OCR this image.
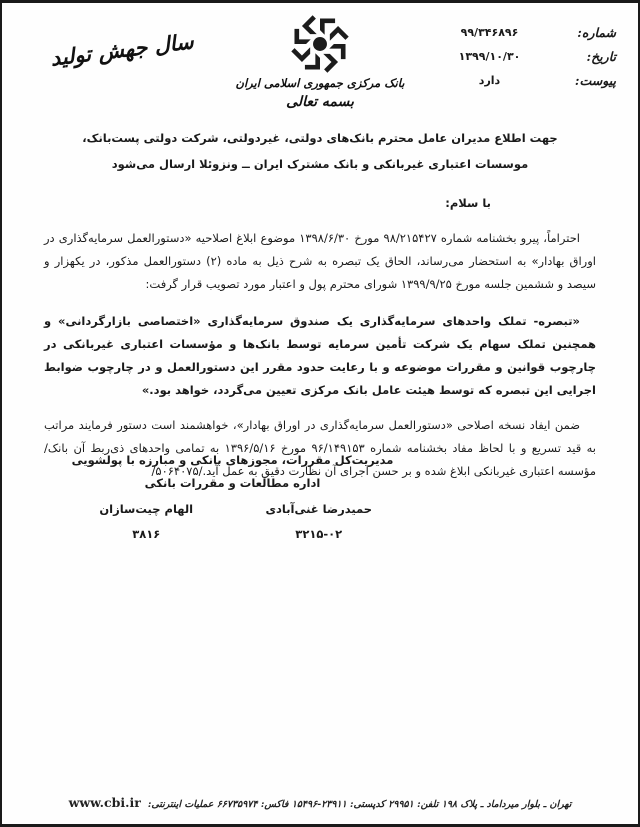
سال جهش تولید
بانک مرکزی جمهوری اسلامی ایران
بسمه تعالی
شماره:
۹۹/۳۴۶۸۹۶
تاریخ:
۱۳۹۹/۱۰/۳۰
پیوست:
دارد
جهت اطلاع مدیران عامل محترم بانک‌های دولتی، غیردولتی، شرکت دولتی پست‌بانک، موسسات اعتباری غیربانکی و بانک مشترک ایران ــ ونزوئلا ارسال می‌شود
با سلام:
احتراماً، پیرو بخشنامه شماره ۹۸/۲۱۵۴۲۷ مورخ ۱۳۹۸/۶/۳۰ موضوع ابلاغ اصلاحیه «دستورالعمل سرمایه‌گذاری در اوراق بهادار» به استحضار می‌رساند، الحاق یک تبصره به شرح ذیل به ماده (۲) دستورالعمل مذکور، در یکهزار و سیصد و ششمین جلسه مورخ ۱۳۹۹/۹/۲۵ شورای محترم پول و اعتبار مورد تصویب قرار گرفت:
«تبصره- تملک واحدهای سرمایه‌گذاری یک صندوق سرمایه‌گذاری «اختصاصی بازارگردانی» و همچنین تملک سهام یک شرکت تأمین سرمایه توسط بانک‌ها و مؤسسات اعتباری غیربانکی در چارچوب قوانین و مقررات موضوعه و با رعایت حدود مقرر این دستورالعمل و در چارچوب ضوابط اجرایی این تبصره که توسط هیئت عامل بانک مرکزی تعیین می‌گردد، خواهد بود.»
ضمن ایفاد نسخه اصلاحی «دستورالعمل سرمایه‌گذاری در اوراق بهادار»، خواهشمند است دستور فرمایند مراتب به قید تسریع و با لحاظ مفاد بخشنامه شماره ۹۶/۱۴۹۱۵۳ مورخ ۱۳۹۶/۵/۱۶ به تمامی واحدهای ذی‌ربط آن بانک/مؤسسه اعتباری غیربانکی ابلاغ شده و بر حسن اجرای آن نظارت دقیق به عمل آید./۵۰۶۴۰۷۵/
مدیریت‌کل مقررات، مجوزهای بانکی و مبارزه با پولشویی
اداره مطالعات و مقررات بانکی
حمیدرضا غنی‌آبادی
۳۲۱۵-۰۲
الهام چیت‌سازان
۳۸۱۶
تهران ـ بلوار میرداماد ـ پلاک ۱۹۸ تلفن: ۲۹۹۵۱ کدپستی: ۲۳۹۱۱-۱۵۴۹۶ فاکس: ۶۶۷۳۵۹۷۴ عملیات اینترنتی: www.cbi.ir
